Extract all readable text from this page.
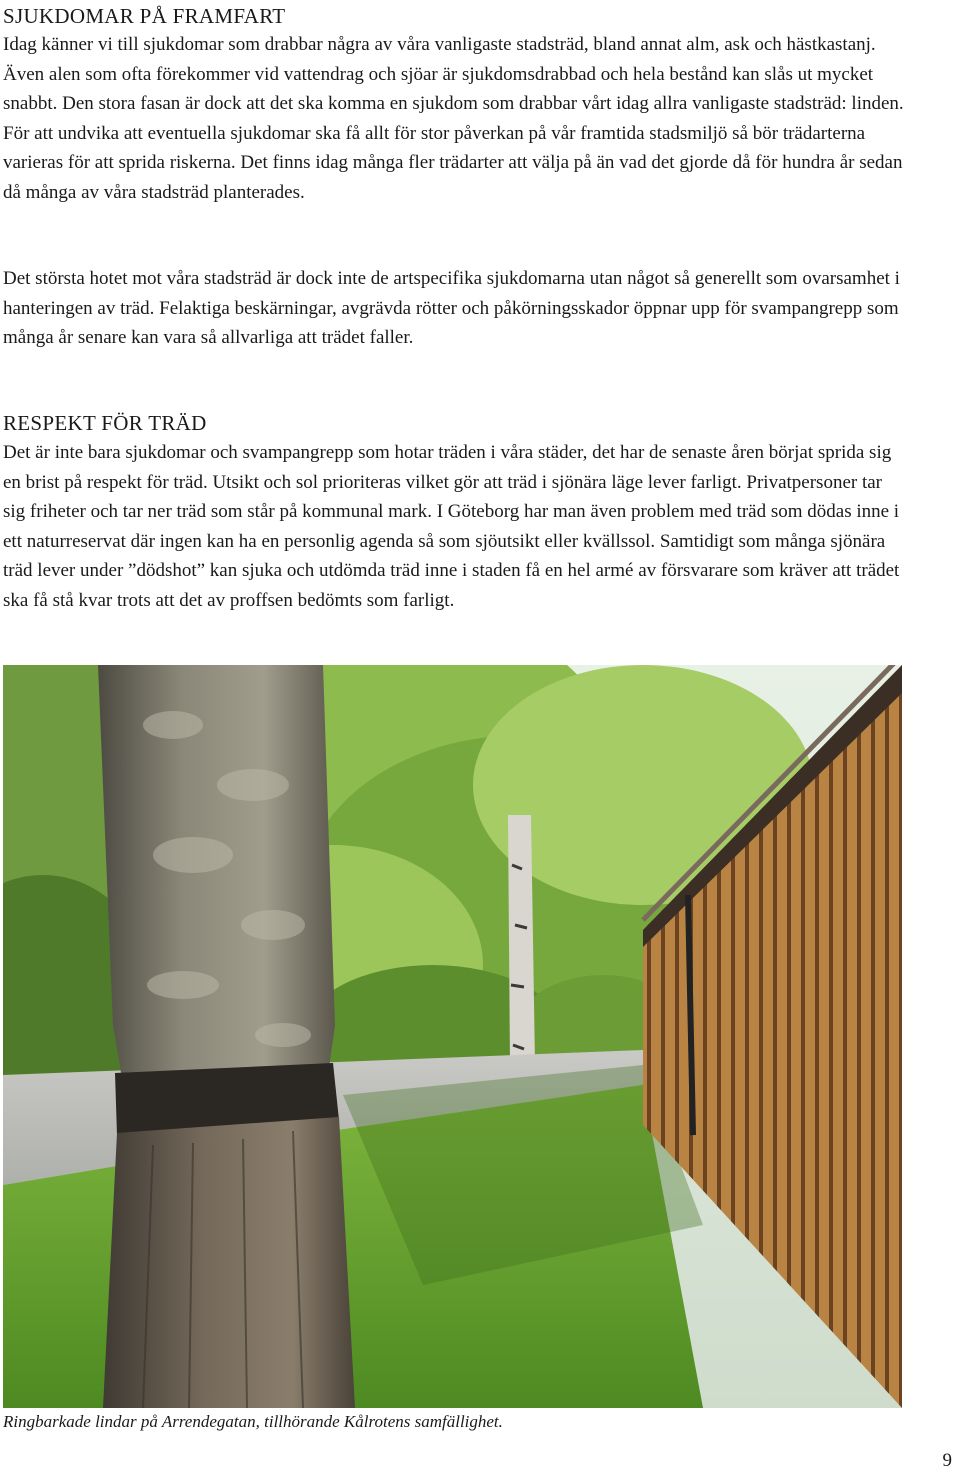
SJUKDOMAR PÅ FRAMFART

Idag känner vi till sjukdomar som drabbar några av våra vanligaste stadsträd, bland annat alm, ask och hästkastanj. Även alen som ofta förekommer vid vattendrag och sjöar är sjukdomsdrabbad och hela bestånd kan slås ut mycket snabbt. Den stora fasan är dock att det ska komma en sjukdom som drabbar vårt idag allra vanligaste stadsträd: linden. För att undvika att eventuella sjukdomar ska få allt för stor påverkan på vår framtida stadsmiljö så bör trädarterna varieras för att sprida riskerna. Det finns idag många fler trädarter att välja på än vad det gjorde då för hundra år sedan då många av våra stadsträd planterades.

Det största hotet mot våra stadsträd är dock inte de artspecifika sjukdomarna utan något så generellt som ovarsamhet i hanteringen av träd. Felaktiga beskärningar, avgrävda rötter och påkörningsskador öppnar upp för svampangrepp som många år senare kan vara så allvarliga att trädet faller.

RESPEKT FÖR TRÄD

Det är inte bara sjukdomar och svampangrepp som hotar träden i våra städer, det har de senaste åren börjat sprida sig en brist på respekt för träd. Utsikt och sol prioriteras vilket gör att träd i sjönära läge lever farligt. Privatpersoner tar sig friheter och tar ner träd som står på kommunal mark. I Göteborg har man även problem med träd som dödas inne i ett naturreservat där ingen kan ha en personlig agenda så som sjöutsikt eller kvällssol. Samtidigt som många sjönära träd lever under ”dödshot” kan sjuka och utdömda träd inne i staden få en hel armé av försvarare som kräver att trädet ska få stå kvar trots att det av proffsen bedömts som farligt.

Ringbarkade lindar på Arrendegatan, tillhörande Kålrotens samfällighet.

9
